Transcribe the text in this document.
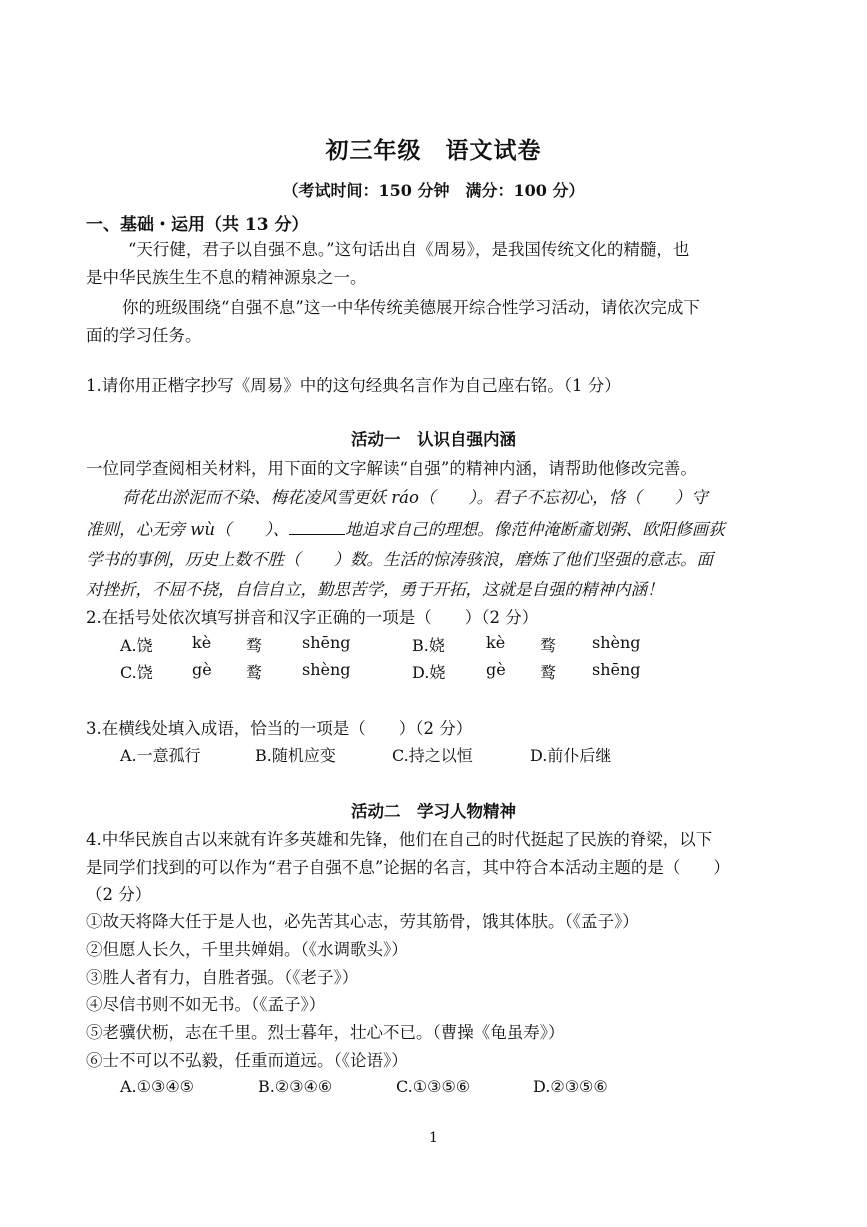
初三年级　语文试卷
（考试时间：150 分钟　满分：100 分）
一、基础・运用（共 13 分）
“天行健，君子以自强不息。”这句话出自《周易》，是我国传统文化的精髓，也
是中华民族生生不息的精神源泉之一。
你的班级围绕“自强不息”这一中华传统美德展开综合性学习活动，请依次完成下
面的学习任务。
1.请你用正楷字抄写《周易》中的这句经典名言作为自己座右铭。（1 分）
活动一　认识自强内涵
一位同学查阅相关材料，用下面的文字解读“自强”的精神内涵，请帮助他修改完善。
荷花出淤泥而不染、梅花凌风雪更妖 ráo（　　）。君子不忘初心，恪（　　）守
准则，心无旁 wù（　　）、	地追求自己的理想。像范仲淹断齑划粥、欧阳修画荻
学书的事例，历史上数不胜（　　）数。生活的惊涛骇浪，磨炼了他们坚强的意志。面
对挫折，不屈不挠，自信自立，勤思苦学，勇于开拓，这就是自强的精神内涵！
2.在括号处依次填写拼音和汉字正确的一项是（　　）（2 分）
A.饶 kè 骛 shēng	B.娆	kè 骛 shèng
C.饶 gè 鹜 shèng	D.娆	gè 鹜 shēng
3.在横线处填入成语，恰当的一项是（　　）（2 分）
A.一意孤行	B.随机应变	C.持之以恒	D.前仆后继
活动二　学习人物精神
4.中华民族自古以来就有许多英雄和先锋，他们在自己的时代挺起了民族的脊梁，以下
是同学们找到的可以作为“君子自强不息”论据的名言，其中符合本活动主题的是（　　）
（2 分）
①故天将降大任于是人也，必先苦其心志，劳其筋骨，饿其体肤。（《孟子》）
②但愿人长久，千里共婵娟。（《水调歌头》）
③胜人者有力，自胜者强。（《老子》）
④尽信书则不如无书。（《孟子》）
⑤老骥伏枥，志在千里。烈士暮年，壮心不已。（曹操《龟虽寿》）
⑥士不可以不弘毅，任重而道远。（《论语》）
A.①③④⑤	B.②③④⑥	C.①③⑤⑥	D.②③⑤⑥
1
